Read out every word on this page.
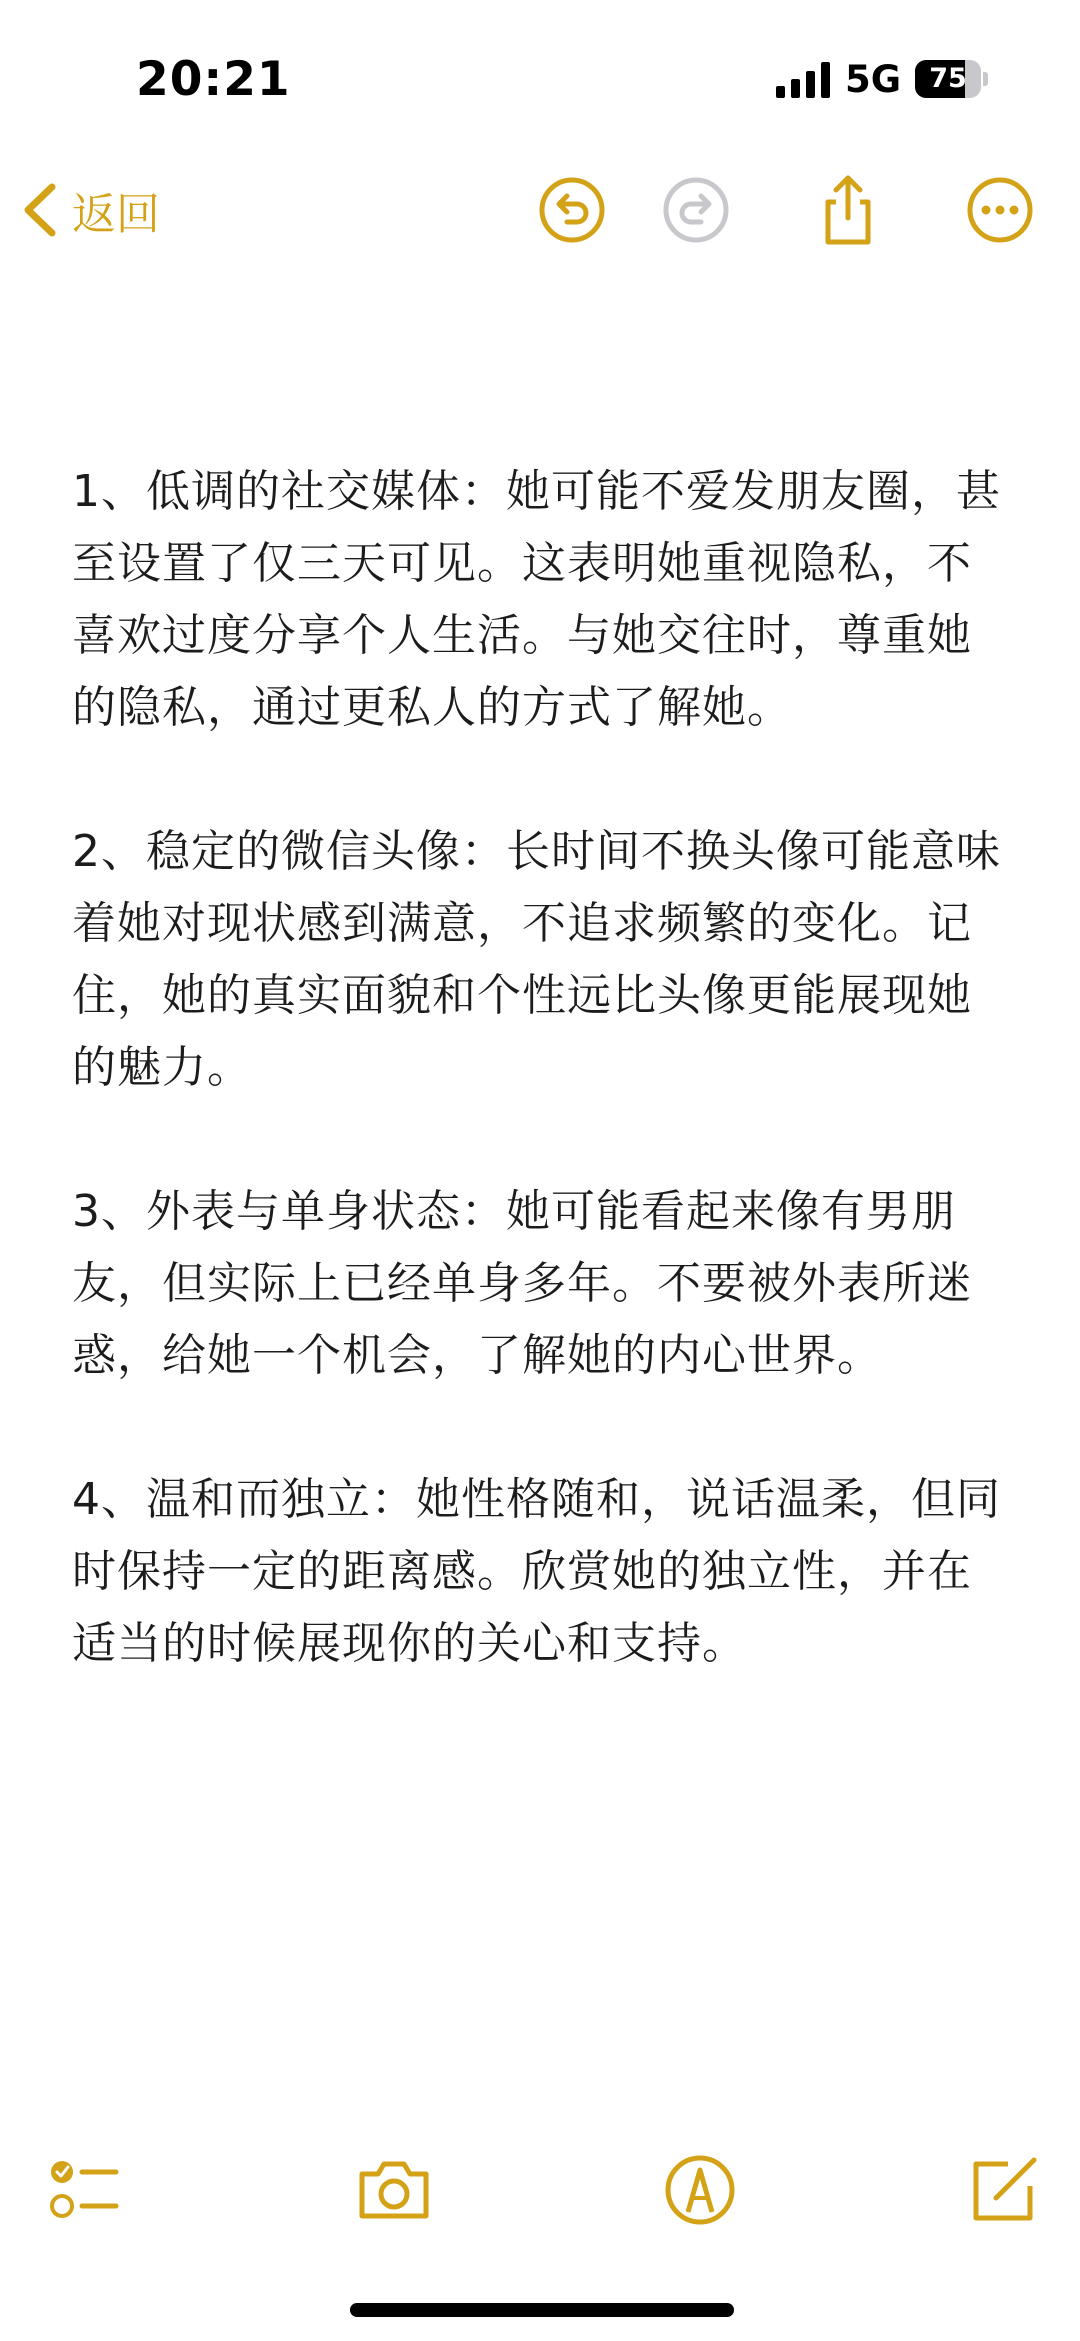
20:21	5G	75
返回

1、低调的社交媒体：她可能不爱发朋友圈，甚至设置了仅三天可见。这表明她重视隐私，不喜欢过度分享个人生活。与她交往时，尊重她的隐私，通过更私人的方式了解她。

2、稳定的微信头像：长时间不换头像可能意味着她对现状感到满意，不追求频繁的变化。记住，她的真实面貌和个性远比头像更能展现她的魅力。

3、外表与单身状态：她可能看起来像有男朋友，但实际上已经单身多年。不要被外表所迷惑，给她一个机会，了解她的内心世界。

4、温和而独立：她性格随和，说话温柔，但同时保持一定的距离感。欣赏她的独立性，并在适当的时候展现你的关心和支持。
